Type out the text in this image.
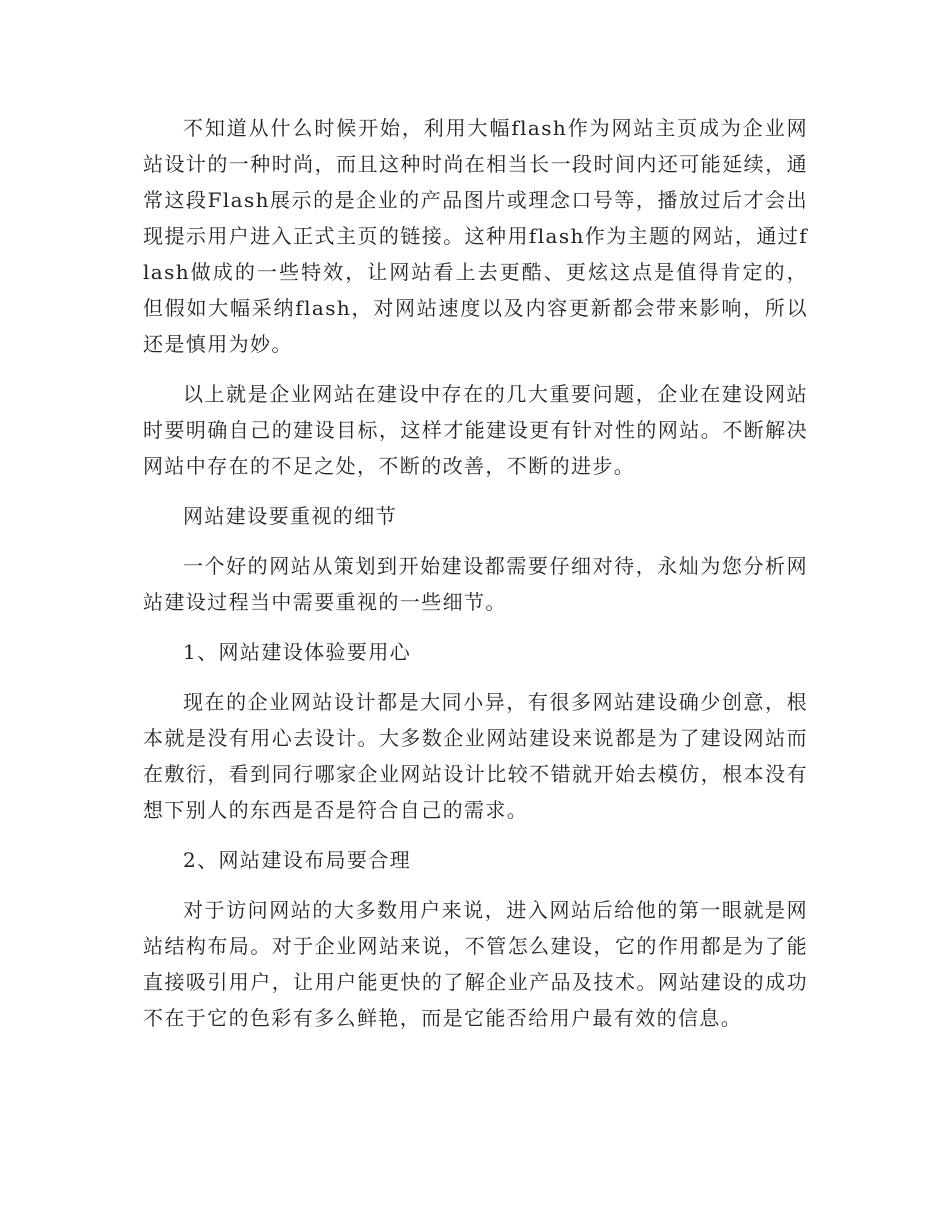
不知道从什么时候开始，利用大幅flash作为网站主页成为企业网站设计的一种时尚，而且这种时尚在相当长一段时间内还可能延续，通常这段Flash展示的是企业的产品图片或理念口号等，播放过后才会出现提示用户进入正式主页的链接。这种用flash作为主题的网站，通过flash做成的一些特效，让网站看上去更酷、更炫这点是值得肯定的，但假如大幅采纳flash，对网站速度以及内容更新都会带来影响，所以还是慎用为妙。

以上就是企业网站在建设中存在的几大重要问题，企业在建设网站时要明确自己的建设目标，这样才能建设更有针对性的网站。不断解决网站中存在的不足之处，不断的改善，不断的进步。

网站建设要重视的细节

一个好的网站从策划到开始建设都需要仔细对待，永灿为您分析网站建设过程当中需要重视的一些细节。

1、网站建设体验要用心

现在的企业网站设计都是大同小异，有很多网站建设确少创意，根本就是没有用心去设计。大多数企业网站建设来说都是为了建设网站而在敷衍，看到同行哪家企业网站设计比较不错就开始去模仿，根本没有想下别人的东西是否是符合自己的需求。

2、网站建设布局要合理

对于访问网站的大多数用户来说，进入网站后给他的第一眼就是网站结构布局。对于企业网站来说，不管怎么建设，它的作用都是为了能直接吸引用户，让用户能更快的了解企业产品及技术。网站建设的成功不在于它的色彩有多么鲜艳，而是它能否给用户最有效的信息。
